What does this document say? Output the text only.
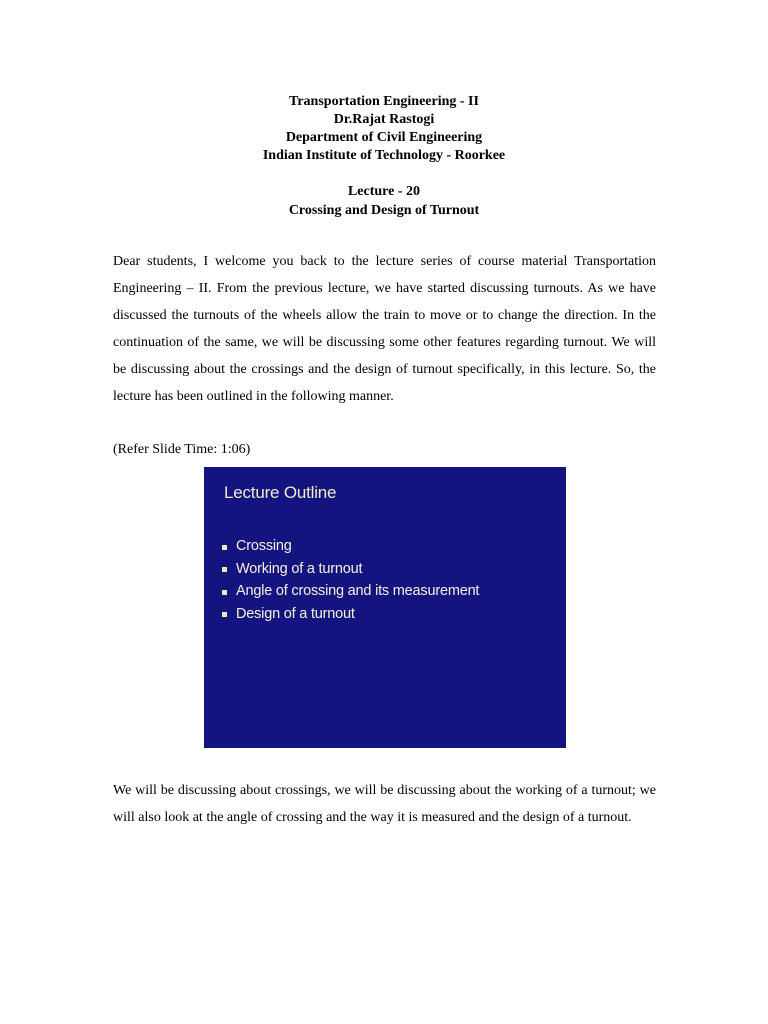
Transportation Engineering - II
Dr.Rajat Rastogi
Department of Civil Engineering
Indian Institute of Technology - Roorkee
Lecture - 20
Crossing and Design of Turnout

Dear students, I welcome you back to the lecture series of course material Transportation Engineering – II. From the previous lecture, we have started discussing turnouts. As we have discussed the turnouts of the wheels allow the train to move or to change the direction. In the continuation of the same, we will be discussing some other features regarding turnout. We will be discussing about the crossings and the design of turnout specifically, in this lecture. So, the lecture has been outlined in the following manner.

(Refer Slide Time: 1:06)

Lecture Outline
Crossing
Working of a turnout
Angle of crossing and its measurement
Design of a turnout

We will be discussing about crossings, we will be discussing about the working of a turnout; we will also look at the angle of crossing and the way it is measured and the design of a turnout.
